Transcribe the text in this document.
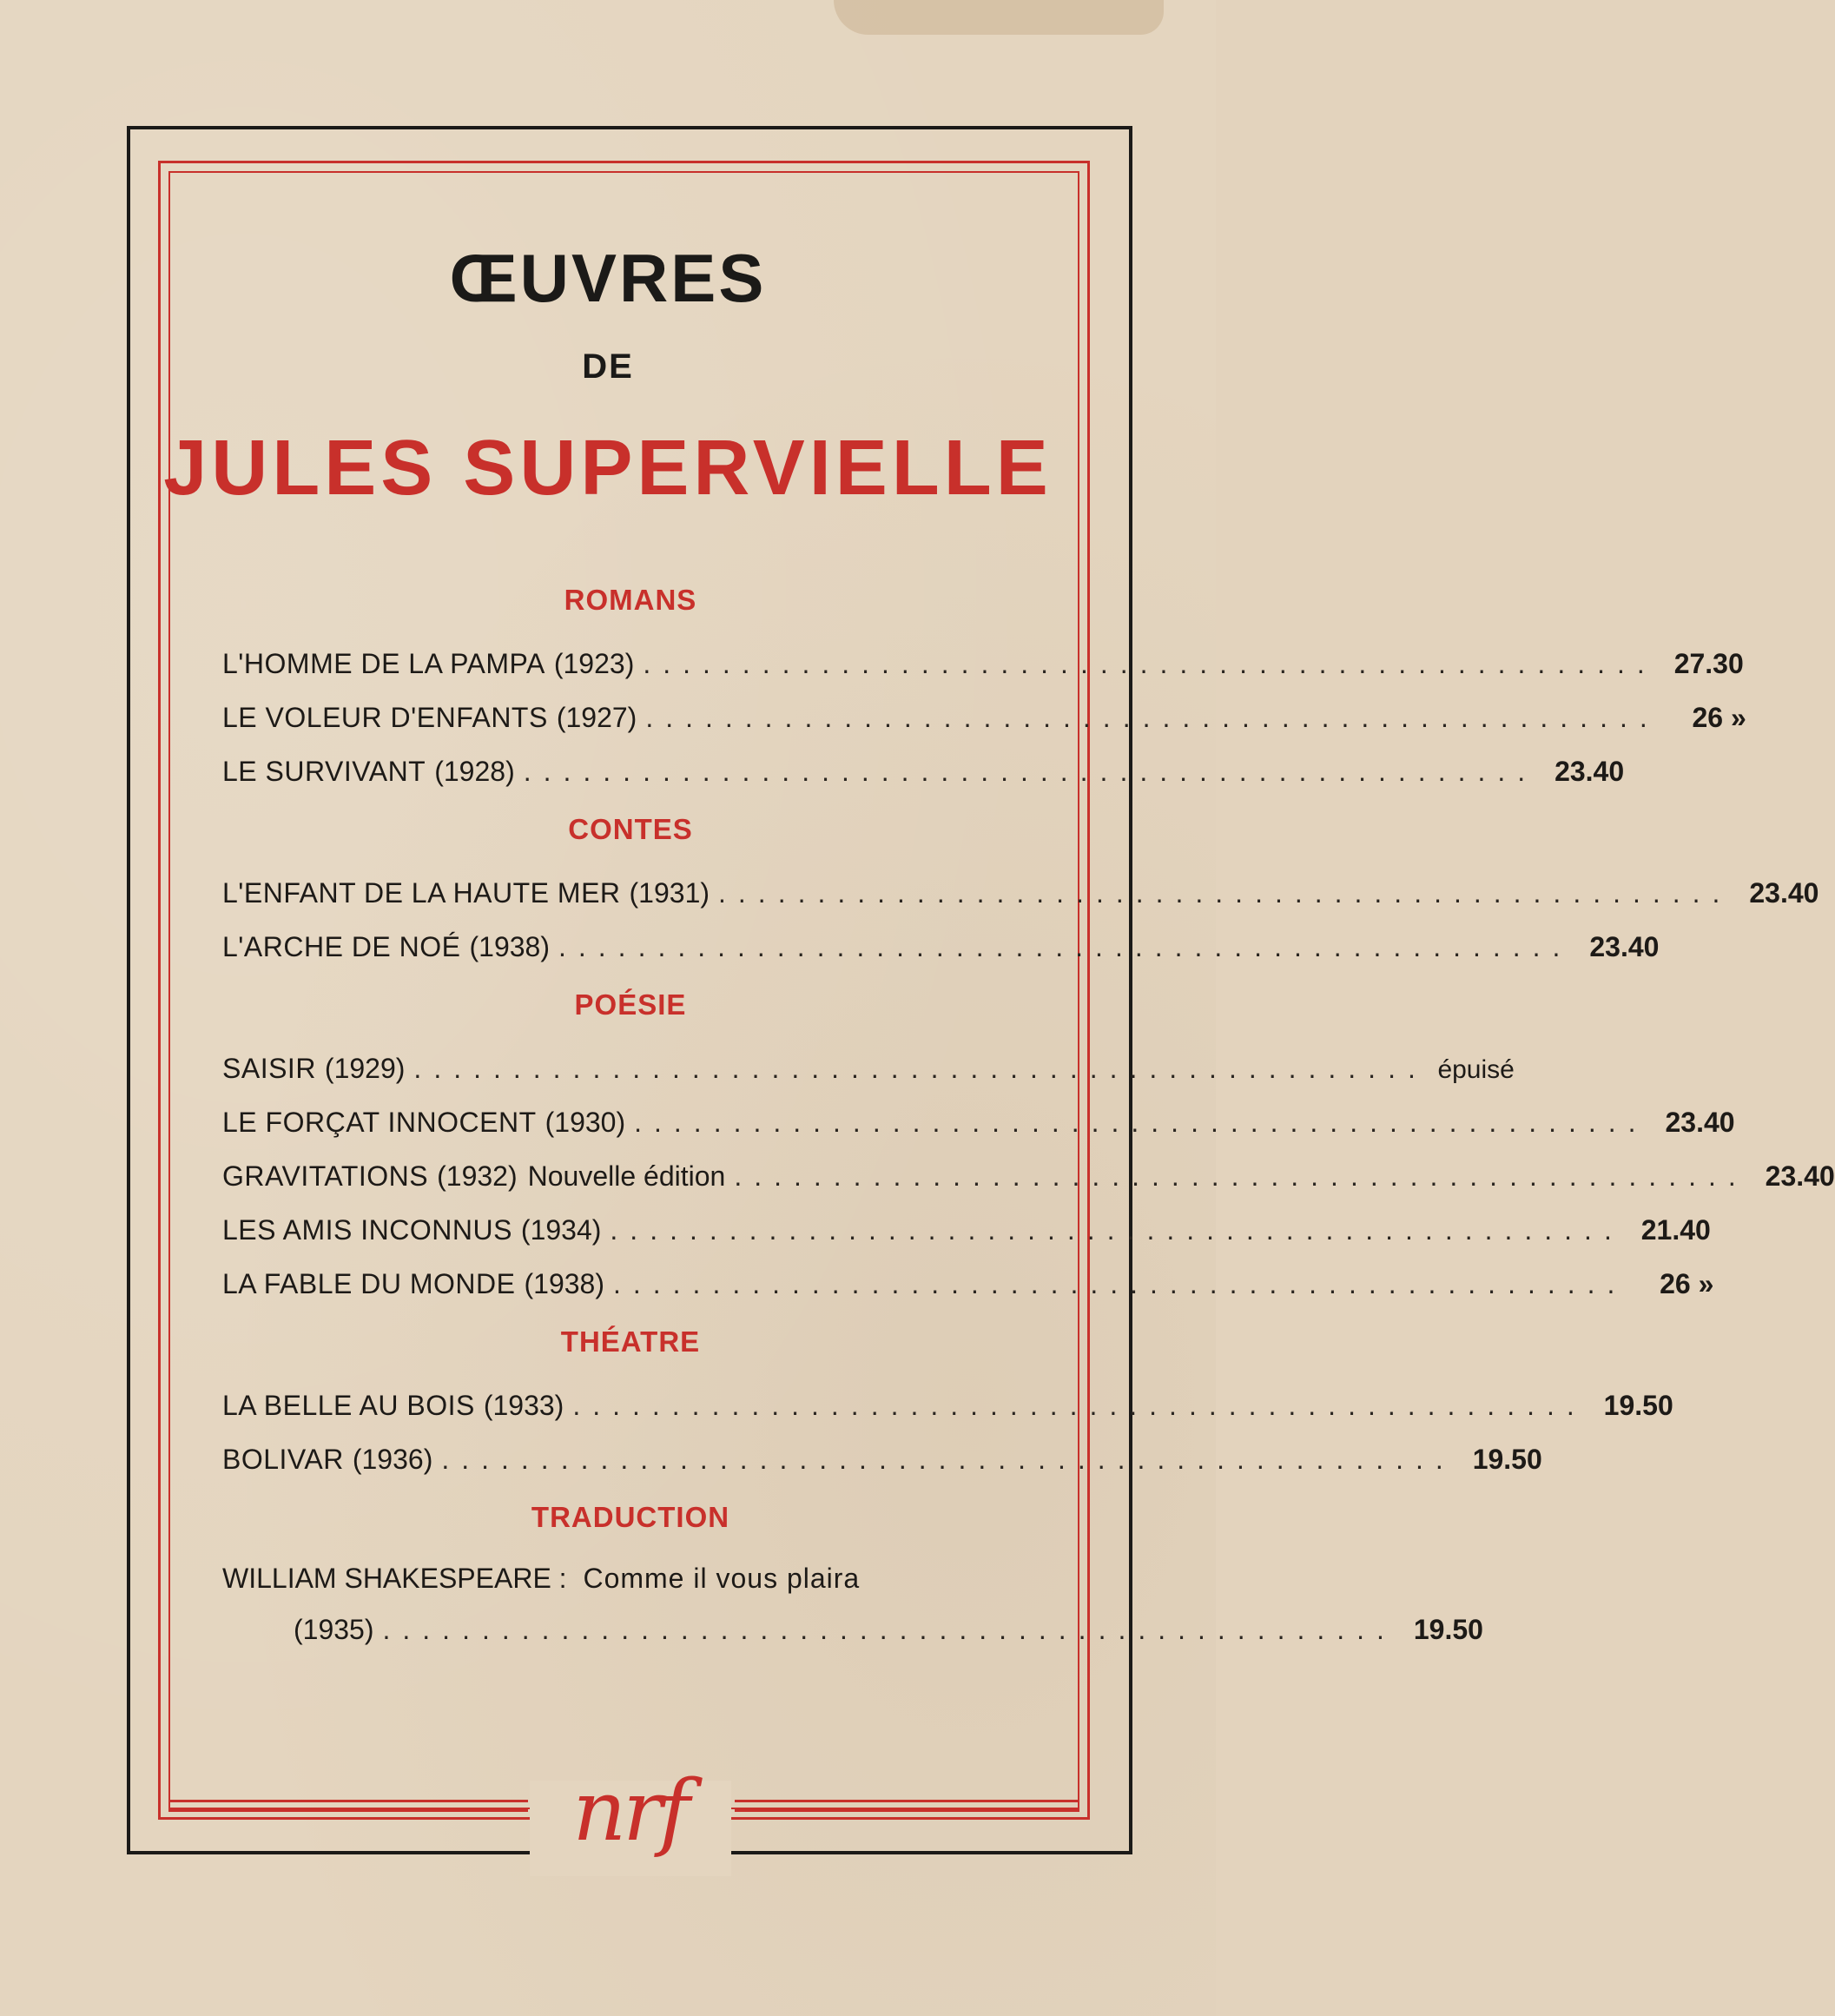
nrf
ŒUVRES
DE
JULES SUPERVIELLE
ROMANS
L'HOMME DE LA PAMPA (1923) ................................................... 27.30
LE VOLEUR D'ENFANTS (1927) ...................................................	26 »
LE SURVIVANT (1928) ................................................... 23.40
CONTES
L'ENFANT DE LA HAUTE MER (1931) ................................................... 23.40
L'ARCHE DE NOÉ (1938) ................................................... 23.40
POÉSIE
SAISIR (1929) ................................................... épuisé
LE FORÇAT INNOCENT (1930) ................................................... 23.40
GRAVITATIONS (1932) Nouvelle édition ................................................... 23.40
LES AMIS INCONNUS (1934) ................................................... 21.40
LA FABLE DU MONDE (1938) ...................................................	26 »
THÉATRE
LA BELLE AU BOIS (1933) ................................................... 19.50
BOLIVAR (1936) ................................................... 19.50
TRADUCTION
WILLIAM SHAKESPEARE : Comme il vous plaira
(1935) ................................................... 19.50
